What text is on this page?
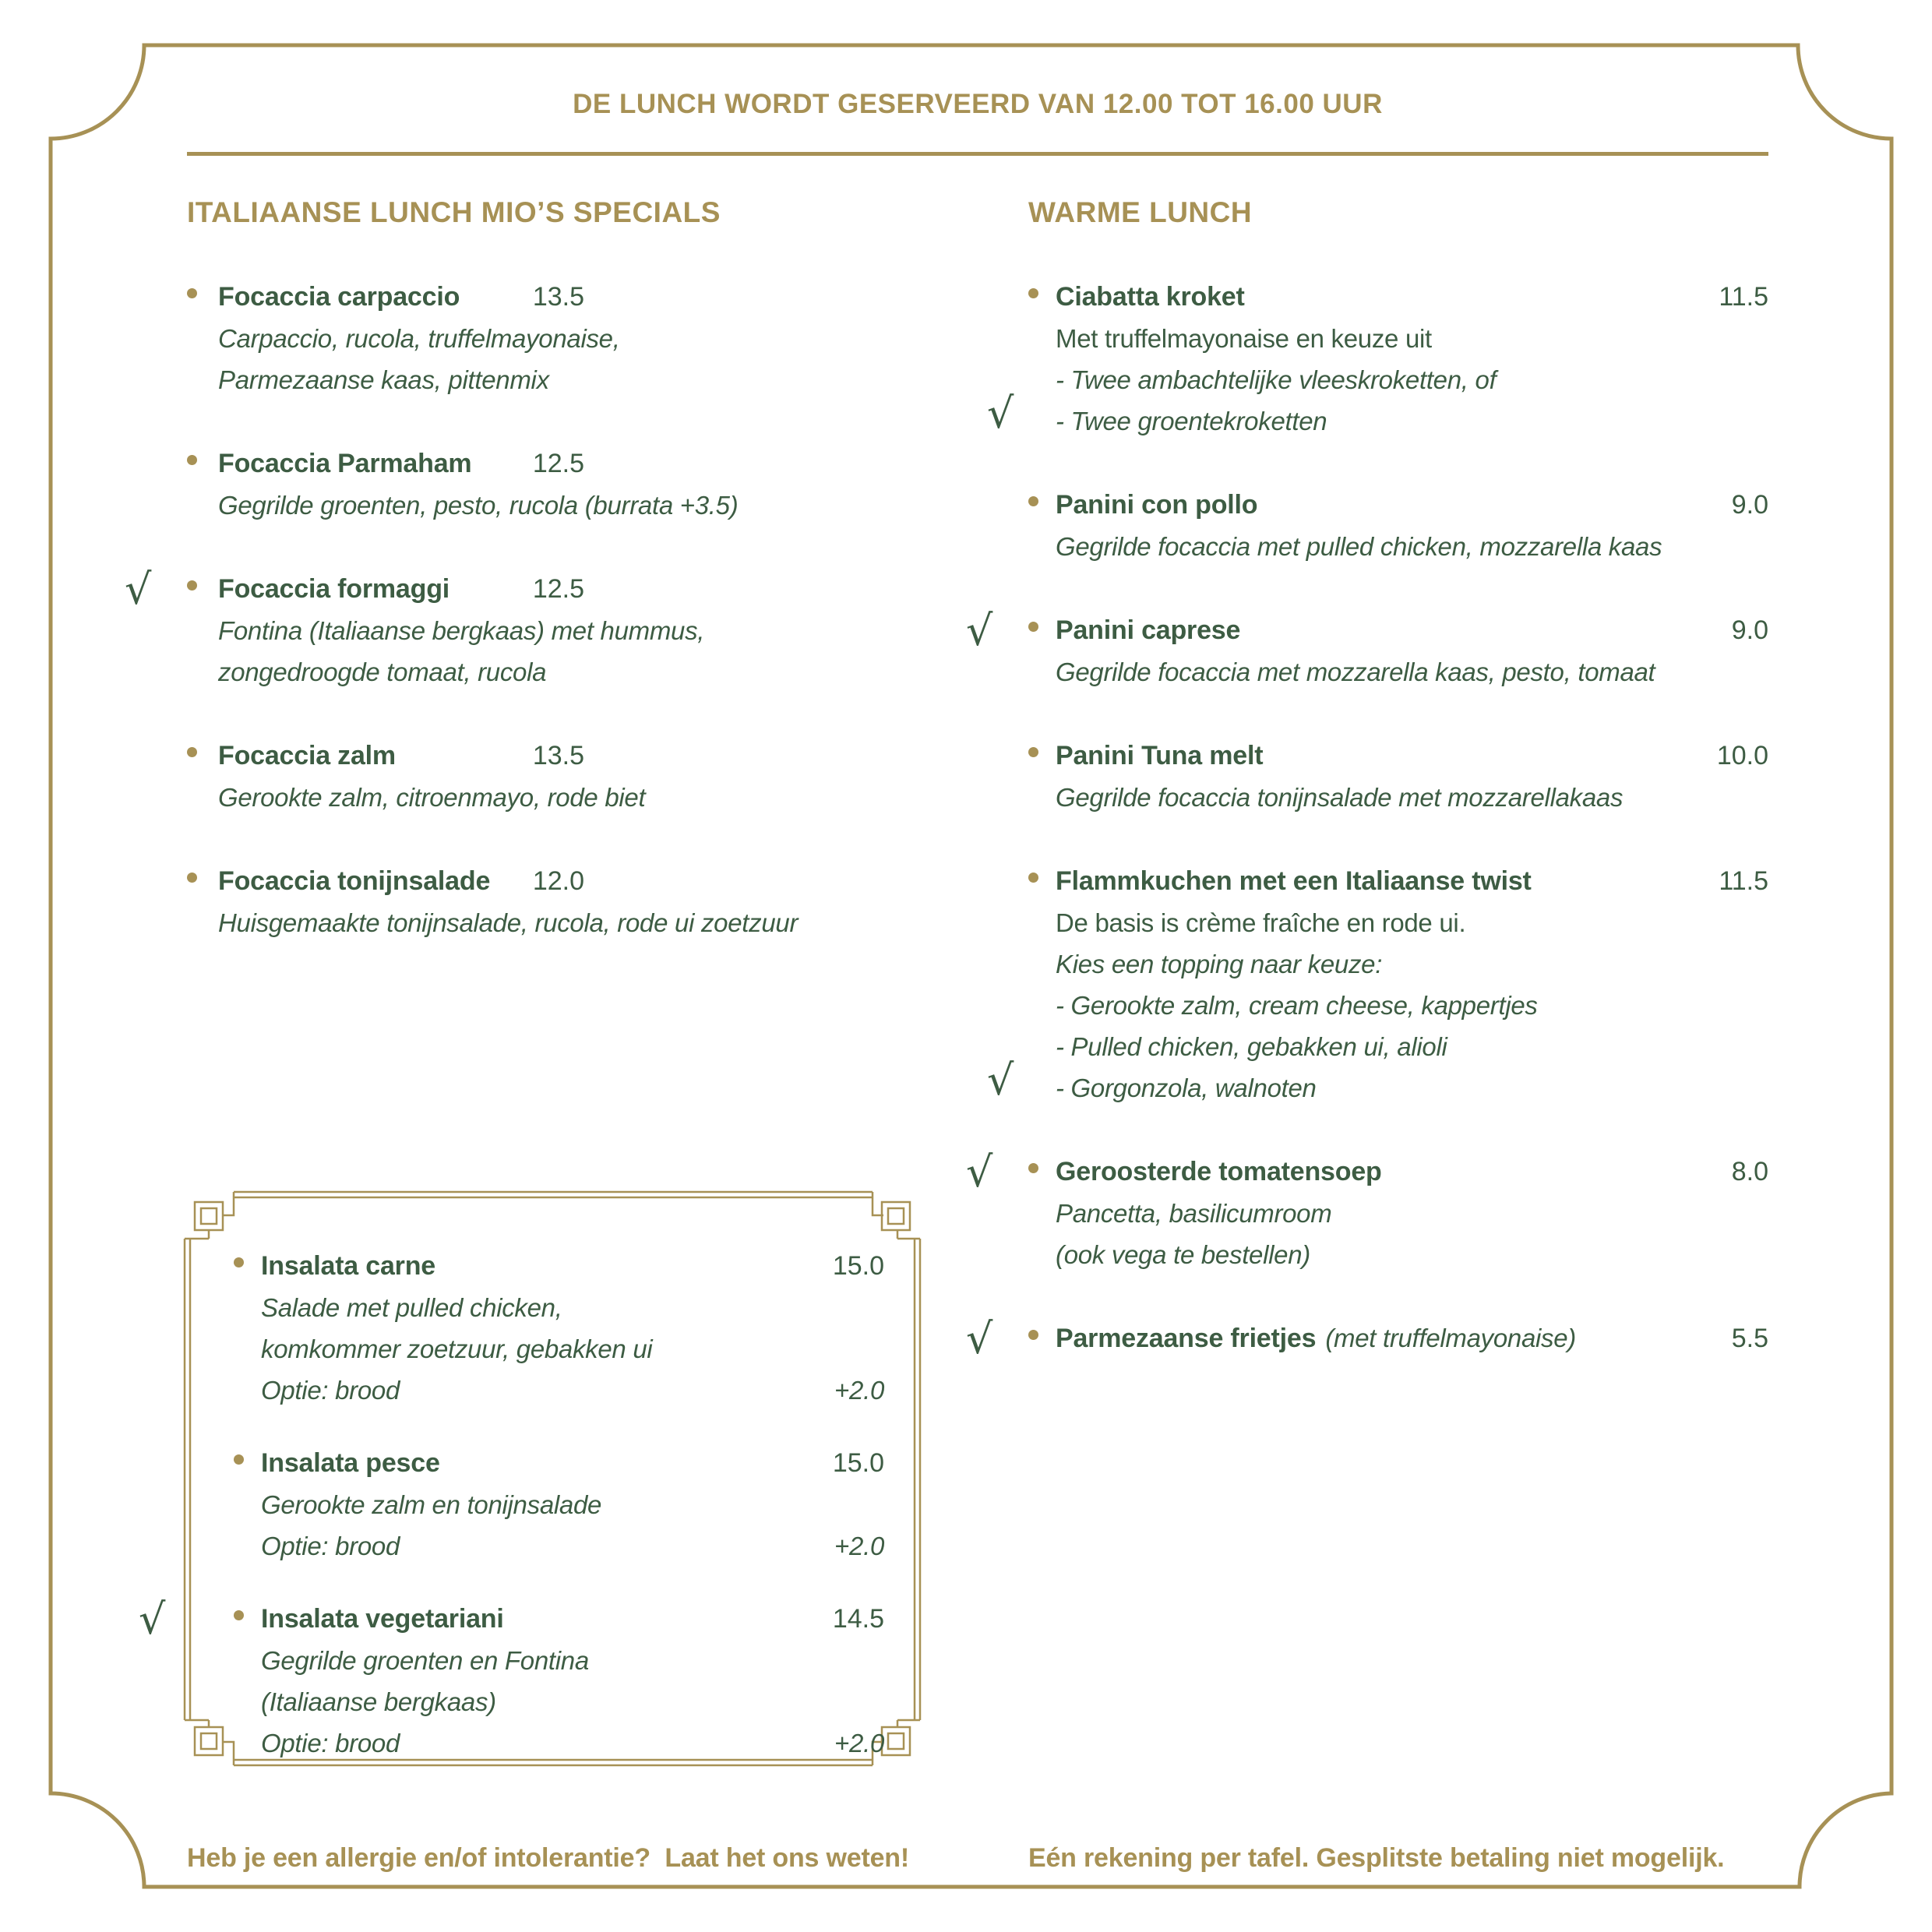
DE LUNCH WORDT GESERVEERD VAN 12.00 TOT 16.00 UUR
ITALIAANSE LUNCH MIO’S SPECIALS	WARME LUNCH
Focaccia carpaccio	13.5
Carpaccio, rucola, truffelmayonaise,
Parmezaanse kaas, pittenmix
Focaccia Parmaham	12.5
Gegrilde groenten, pesto, rucola (burrata +3.5)
√	Focaccia formaggi	12.5
Fontina (Italiaanse bergkaas) met hummus,
zongedroogde tomaat, rucola
Focaccia zalm	13.5
Gerookte zalm, citroenmayo, rode biet
Focaccia tonijnsalade	12.0
Huisgemaakte tonijnsalade, rucola, rode ui zoetzuur
Ciabatta kroket	11.5
Met truffelmayonaise en keuze uit
- Twee ambachtelijke vleeskroketten, of
- Twee groentekroketten
√
Panini con pollo	9.0
Gegrilde focaccia met pulled chicken, mozzarella kaas
√ Panini caprese	9.0
Gegrilde focaccia met mozzarella kaas, pesto, tomaat
Panini Tuna melt	10.0
Gegrilde focaccia tonijnsalade met mozzarellakaas
Flammkuchen met een Italiaanse twist	11.5
De basis is crème fraîche en rode ui.
Kies een topping naar keuze:
- Gerookte zalm, cream cheese, kappertjes
- Pulled chicken, gebakken ui, alioli
- Gorgonzola, walnoten
√
√ Geroosterde tomatensoep	8.0
Pancetta, basilicumroom
(ook vega te bestellen)
√ Parmezaanse frietjes (met truffelmayonaise)	5.5
Insalata carne	15.0
Salade met pulled chicken,
komkommer zoetzuur, gebakken ui
Optie: brood	+2.0
Insalata pesce	15.0
Gerookte zalm en tonijnsalade
Optie: brood	+2.0
√	Insalata vegetariani	14.5
Gegrilde groenten en Fontina
(Italiaanse bergkaas)
Optie: brood	+2.0
Heb je een allergie en/of intolerantie?  Laat het ons weten!	Eén rekening per tafel. Gesplitste betaling niet mogelijk.
